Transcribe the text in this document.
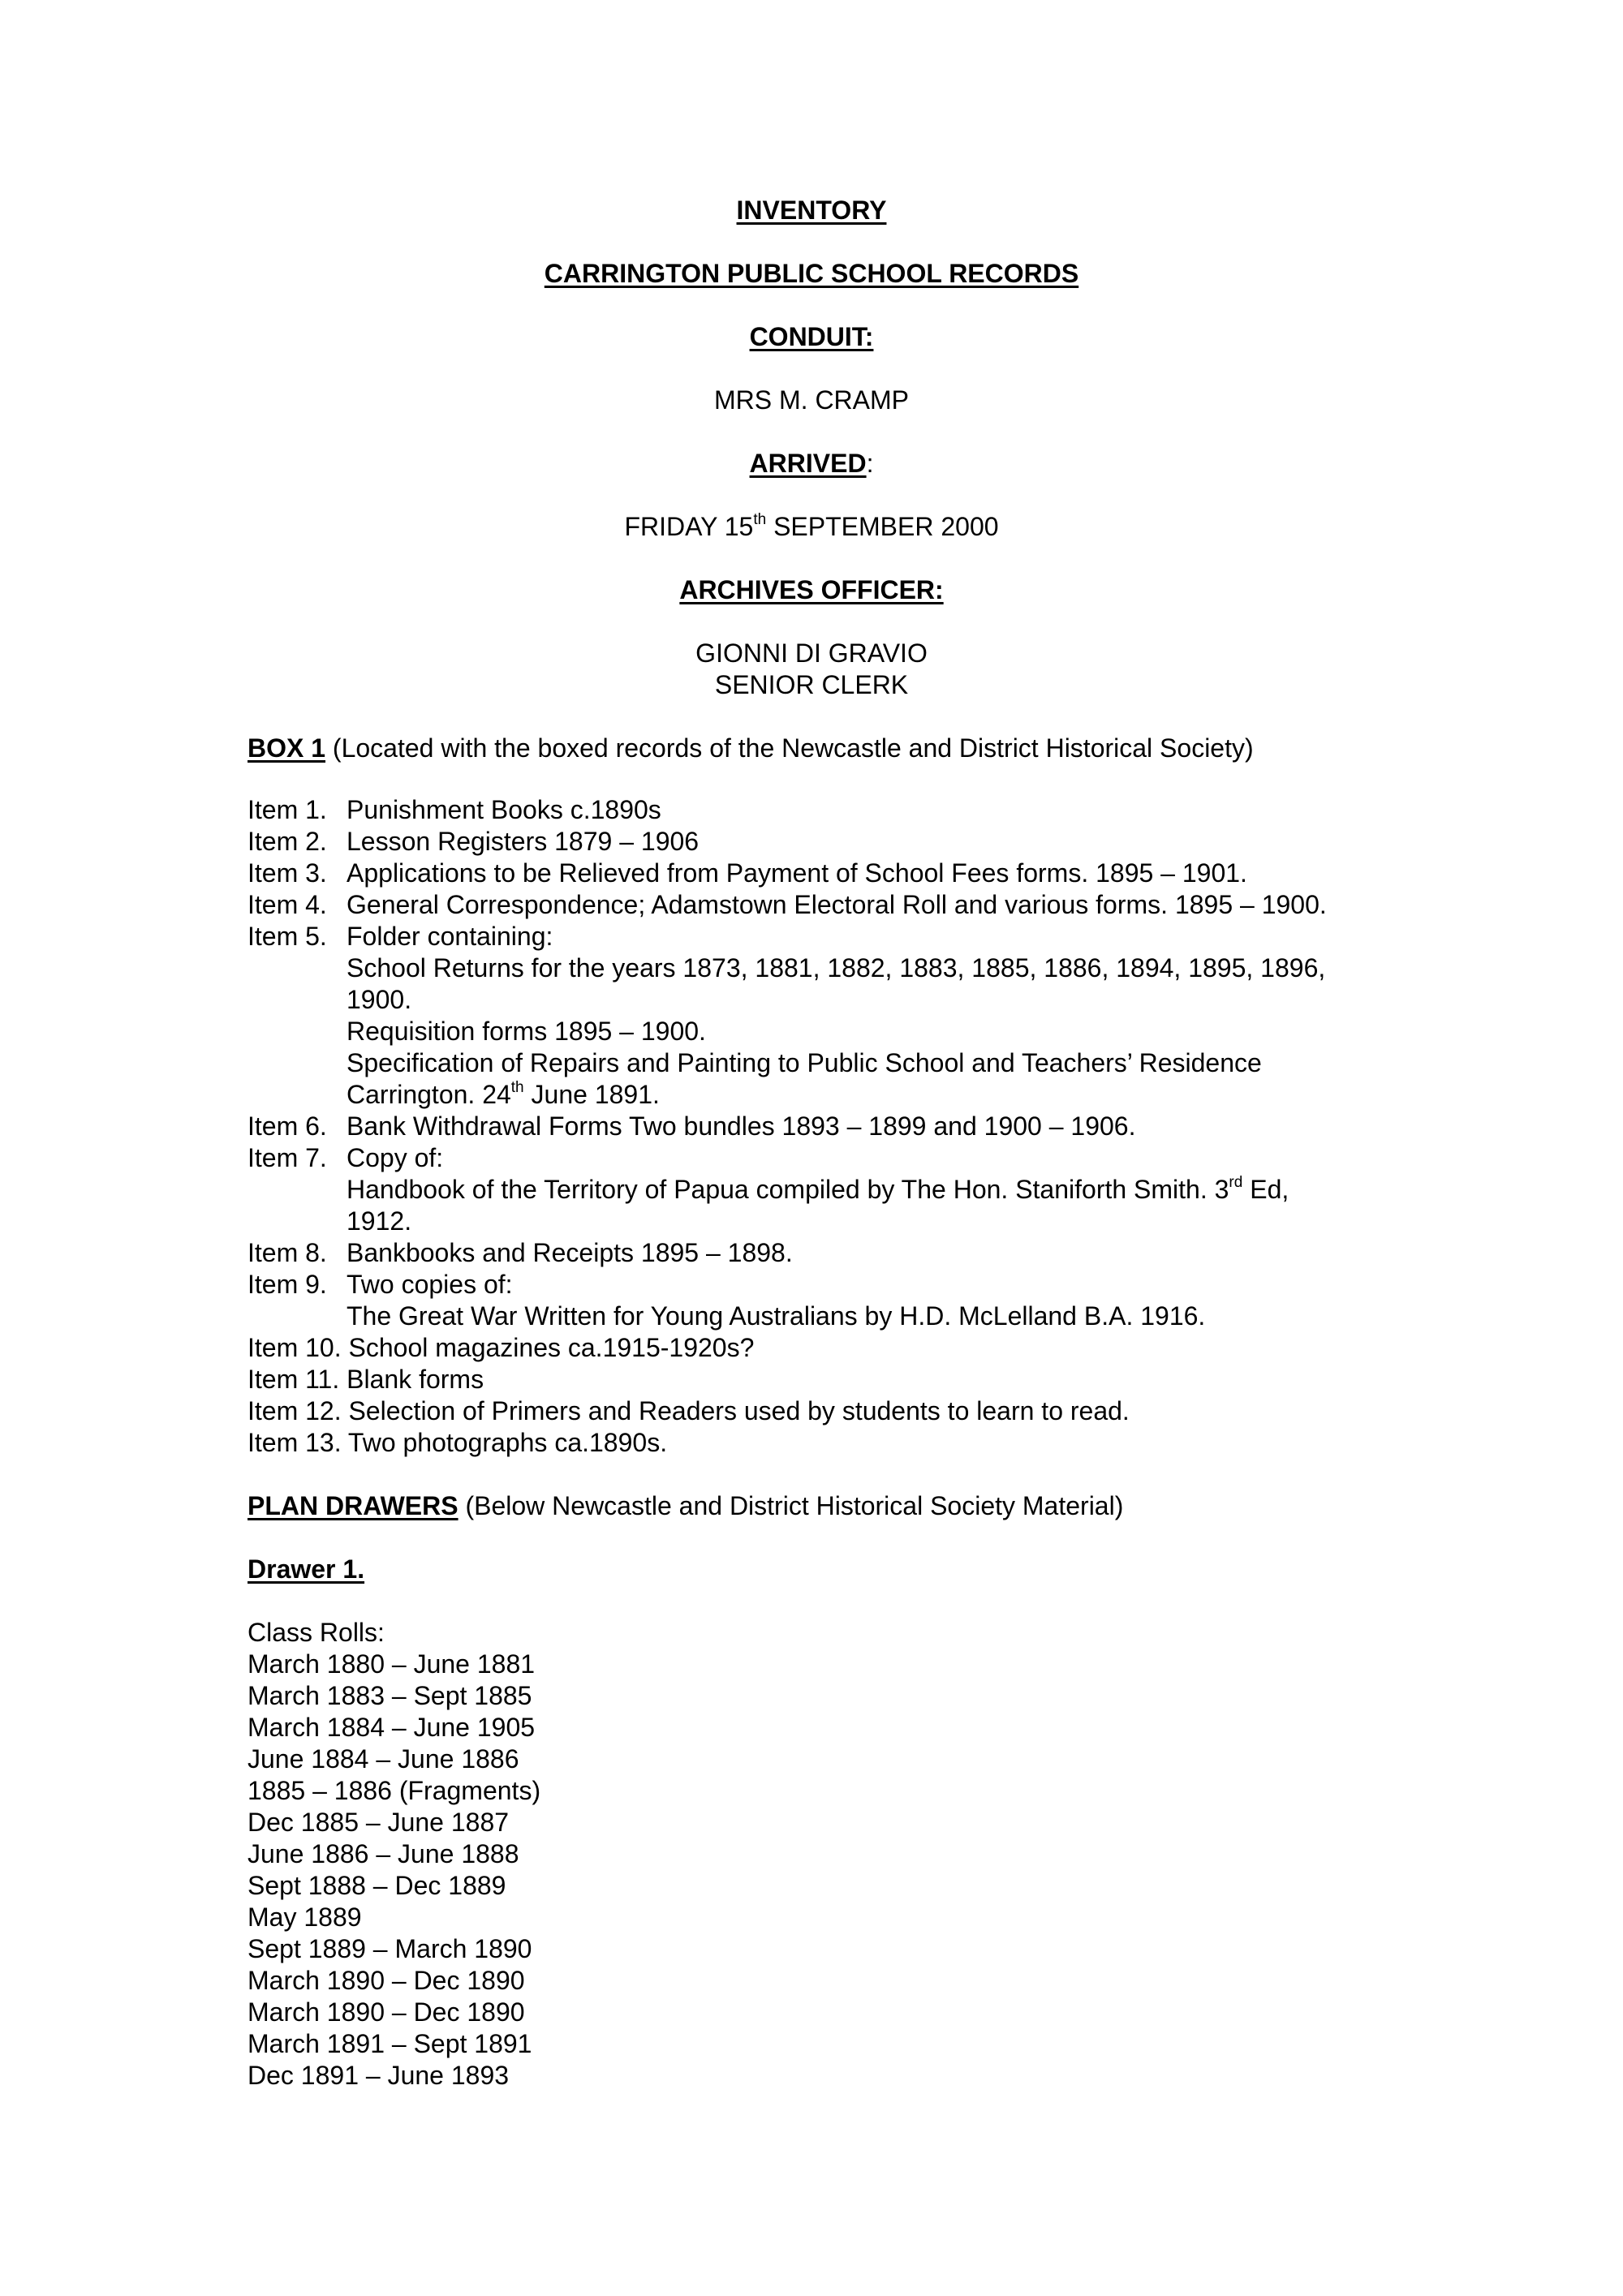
INVENTORY
CARRINGTON PUBLIC SCHOOL RECORDS
CONDUIT:
MRS M. CRAMP
ARRIVED:
FRIDAY 15th SEPTEMBER 2000
ARCHIVES OFFICER:
GIONNI DI GRAVIO
SENIOR CLERK
BOX 1 (Located with the boxed records of the Newcastle and District Historical Society)
Item 1. Punishment Books c.1890s
Item 2. Lesson Registers 1879 – 1906
Item 3. Applications to be Relieved from Payment of School Fees forms. 1895 – 1901.
Item 4. General Correspondence; Adamstown Electoral Roll and various forms. 1895 – 1900.
Item 5. Folder containing:
School Returns for the years 1873, 1881, 1882, 1883, 1885, 1886, 1894, 1895, 1896,
1900.
Requisition forms 1895 – 1900.
Specification of Repairs and Painting to Public School and Teachers’ Residence
Carrington. 24th June 1891.
Item 6. Bank Withdrawal Forms Two bundles 1893 – 1899 and 1900 – 1906.
Item 7. Copy of:
Handbook of the Territory of Papua compiled by The Hon. Staniforth Smith. 3rd Ed,
1912.
Item 8. Bankbooks and Receipts 1895 – 1898.
Item 9. Two copies of:
The Great War Written for Young Australians by H.D. McLelland B.A. 1916.
Item 10. School magazines ca.1915-1920s?
Item 11. Blank forms
Item 12. Selection of Primers and Readers used by students to learn to read.
Item 13. Two photographs ca.1890s.
PLAN DRAWERS (Below Newcastle and District Historical Society Material)
Drawer 1.
Class Rolls:
March 1880 – June 1881
March 1883 – Sept 1885
March 1884 – June 1905
June 1884 – June 1886
1885 – 1886 (Fragments)
Dec 1885 – June 1887
June 1886 – June 1888
Sept 1888 – Dec 1889
May 1889
Sept 1889 – March 1890
March 1890 – Dec 1890
March 1890 – Dec 1890
March 1891 – Sept 1891
Dec 1891 – June 1893
